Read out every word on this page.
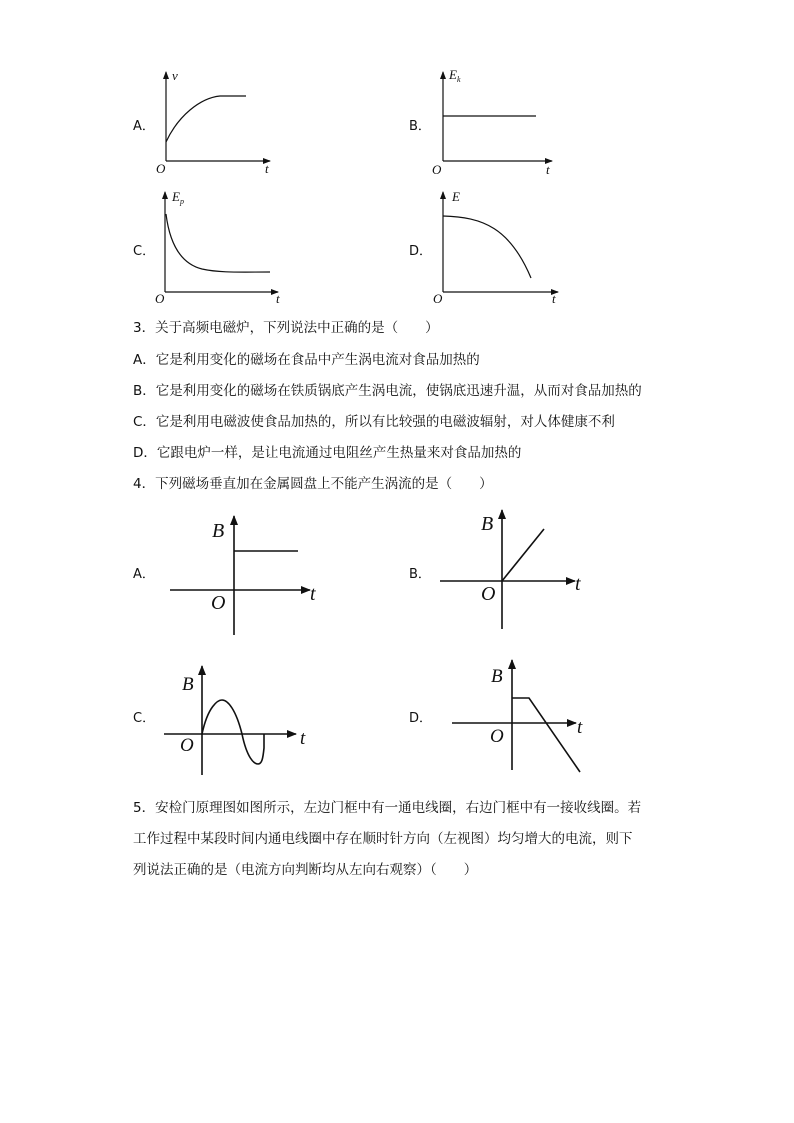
A．
v
t
O
B．
$E_k$
t
O
C．
$E_p$
t
O
D．
E
t
O
3．关于高频电磁炉，下列说法中正确的是（　　）
A．它是利用变化的磁场在食品中产生涡电流对食品加热的
B．它是利用变化的磁场在铁质锅底产生涡电流，使锅底迅速升温，从而对食品加热的
C．它是利用电磁波使食品加热的，所以有比较强的电磁波辐射，对人体健康不利
D．它跟电炉一样，是让电流通过电阻丝产生热量来对食品加热的
4．下列磁场垂直加在金属圆盘上不能产生涡流的是（　　）
A．
B
t
O
B．
B
t
O
C．
B
t
O
D．
B
t
O
5．安检门原理图如图所示，左边门框中有一通电线圈，右边门框中有一接收线圈。若
工作过程中某段时间内通电线圈中存在顺时针方向（左视图）均匀增大的电流，则下
列说法正确的是（电流方向判断均从左向右观察）（　　）
